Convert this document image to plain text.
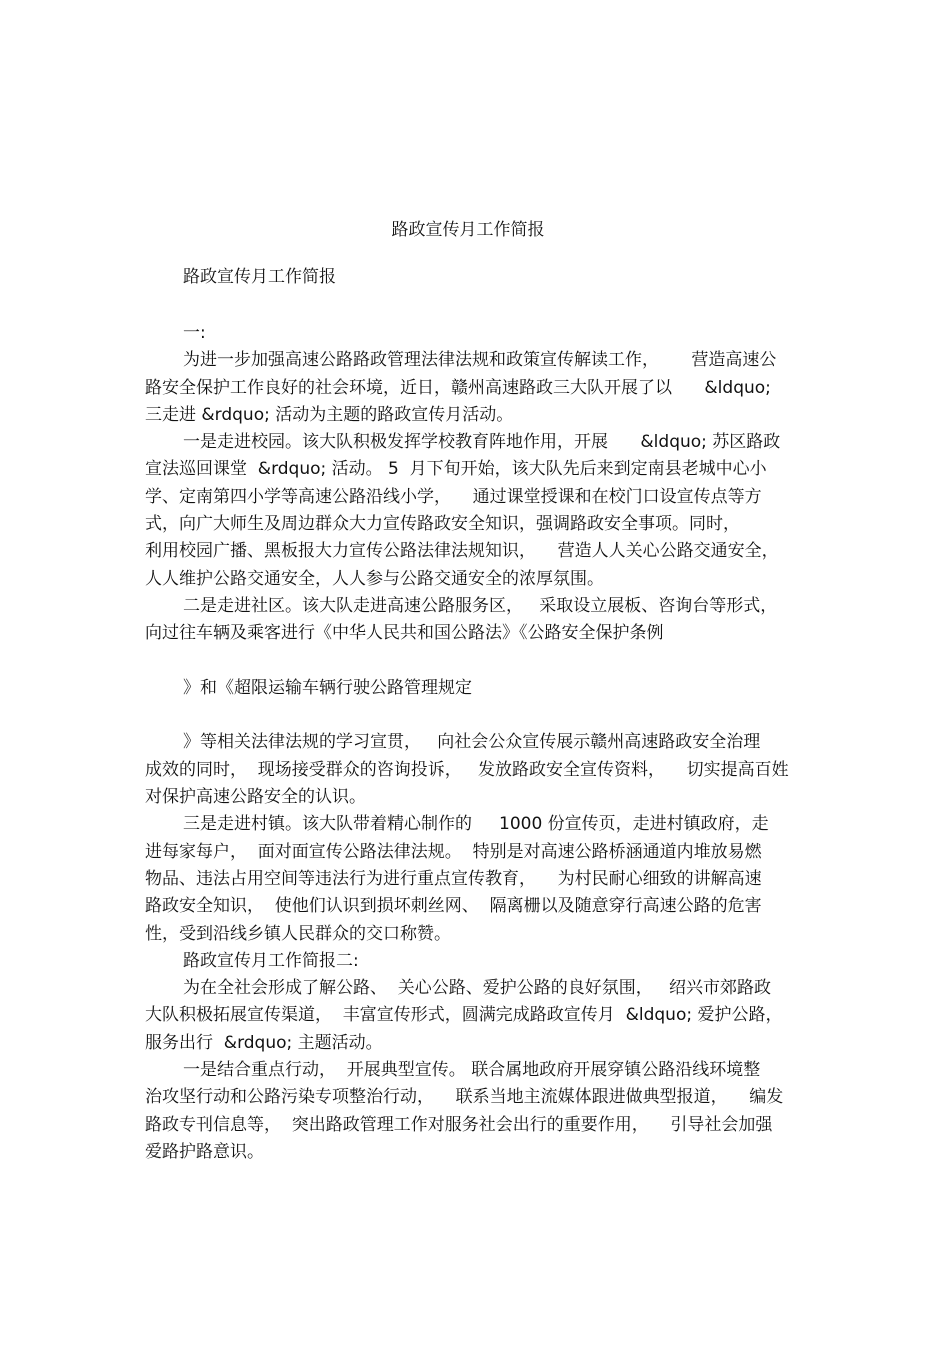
路政宣传月工作简报
路政宣传月工作简报
一:
为进一步加强高速公路路政管理法律法规和政策宣传解读工作，      营造高速公
路安全保护工作良好的社会环境，近日，赣州高速路政三大队开展了以      &ldquo;
三走进 &rdquo; 活动为主题的路政宣传月活动。
一是走进校园。该大队积极发挥学校教育阵地作用，开展      &ldquo; 苏区路政
宣法巡回课堂  &rdquo; 活动。 5  月下旬开始，该大队先后来到定南县老城中心小
学、定南第四小学等高速公路沿线小学，    通过课堂授课和在校门口设宣传点等方
式，向广大师生及周边群众大力宣传路政安全知识，强调路政安全事项。同时，
利用校园广播、黑板报大力宣传公路法律法规知识，    营造人人关心公路交通安全，
人人维护公路交通安全，人人参与公路交通安全的浓厚氛围。
二是走进社区。该大队走进高速公路服务区，   采取设立展板、咨询台等形式，
向过往车辆及乘客进行《中华人民共和国公路法》《公路安全保护条例
》和《超限运输车辆行驶公路管理规定
》等相关法律法规的学习宣贯，   向社会公众宣传展示赣州高速路政安全治理
成效的同时，  现场接受群众的咨询投诉，   发放路政安全宣传资料，    切实提高百姓
对保护高速公路安全的认识。
三是走进村镇。该大队带着精心制作的     1000 份宣传页，走进村镇政府，走
进每家每户，  面对面宣传公路法律法规。  特别是对高速公路桥涵通道内堆放易燃
物品、违法占用空间等违法行为进行重点宣传教育，    为村民耐心细致的讲解高速
路政安全知识，  使他们认识到损坏刺丝网、  隔离栅以及随意穿行高速公路的危害
性，受到沿线乡镇人民群众的交口称赞。
路政宣传月工作简报二:
为在全社会形成了解公路、  关心公路、爱护公路的良好氛围，   绍兴市郊路政
大队积极拓展宣传渠道，  丰富宣传形式，圆满完成路政宣传月  &ldquo; 爱护公路，
服务出行  &rdquo; 主题活动。
一是结合重点行动，  开展典型宣传。 联合属地政府开展穿镇公路沿线环境整
治攻坚行动和公路污染专项整治行动，    联系当地主流媒体跟进做典型报道，    编发
路政专刊信息等，  突出路政管理工作对服务社会出行的重要作用，    引导社会加强
爱路护路意识。
